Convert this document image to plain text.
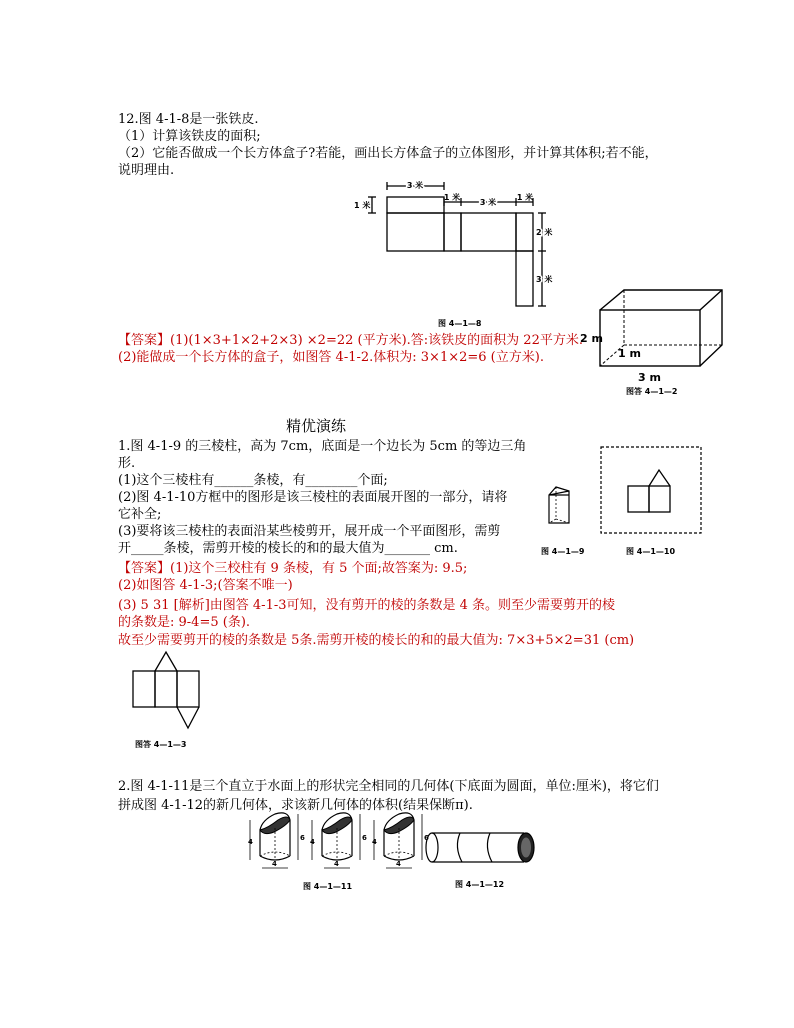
12.图 4-1-8是一张铁皮.
（1）计算该铁皮的面积;
（2）它能否做成一个长方体盒子?若能，画出长方体盒子的立体图形，并计算其体积;若不能，
说明理由.
3 米
1 米
1 米
3 米
1 米
2 米
3 米
图 4—1—8
2 m
1 m
3 m
图答 4—1—2
【答案】(1)(1×3+1×2+2×3) ×2=22 (平方米).答:该铁皮的面积为 22平方米.
(2)能做成一个长方体的盒子，如图答 4-1-2.体积为: 3×1×2=6 (立方米).
精优演练
1.图 4-1-9 的三棱柱，高为 7cm，底面是一个边长为 5cm 的等边三角
形.
(1)这个三棱柱有______条棱，有________个面;
(2)图 4-1-10方框中的图形是该三棱柱的表面展开图的一部分，请将
它补全;
(3)要将该三棱柱的表面沿某些棱剪开，展开成一个平面图形，需剪
开_____条棱，需剪开棱的棱长的和的最大值为_______ cm.	图 4—1—9	图 4—1—10
【答案】(1)这个三校柱有 9 条棱，有 5 个面;故答案为: 9.5;
(2)如图答 4-1-3;(答案不唯一)
(3) 5 31 [解析]由图答 4-1-3可知，没有剪开的棱的条数是 4 条。则至少需要剪开的棱
的条数是: 9-4=5 (条).
故至少需要剪开的棱的条数是 5条.需剪开棱的棱长的和的最大值为: 7×3+5×2=31 (cm)
图答 4—1—3
2.图 4-1-11是三个直立于水面上的形状完全相同的几何体(下底面为圆面，单位:厘米)，将它们
拼成图 4-1-12的新几何体，求该新几何体的体积(结果保断π).
图 4—1—11	图 4—1—12
